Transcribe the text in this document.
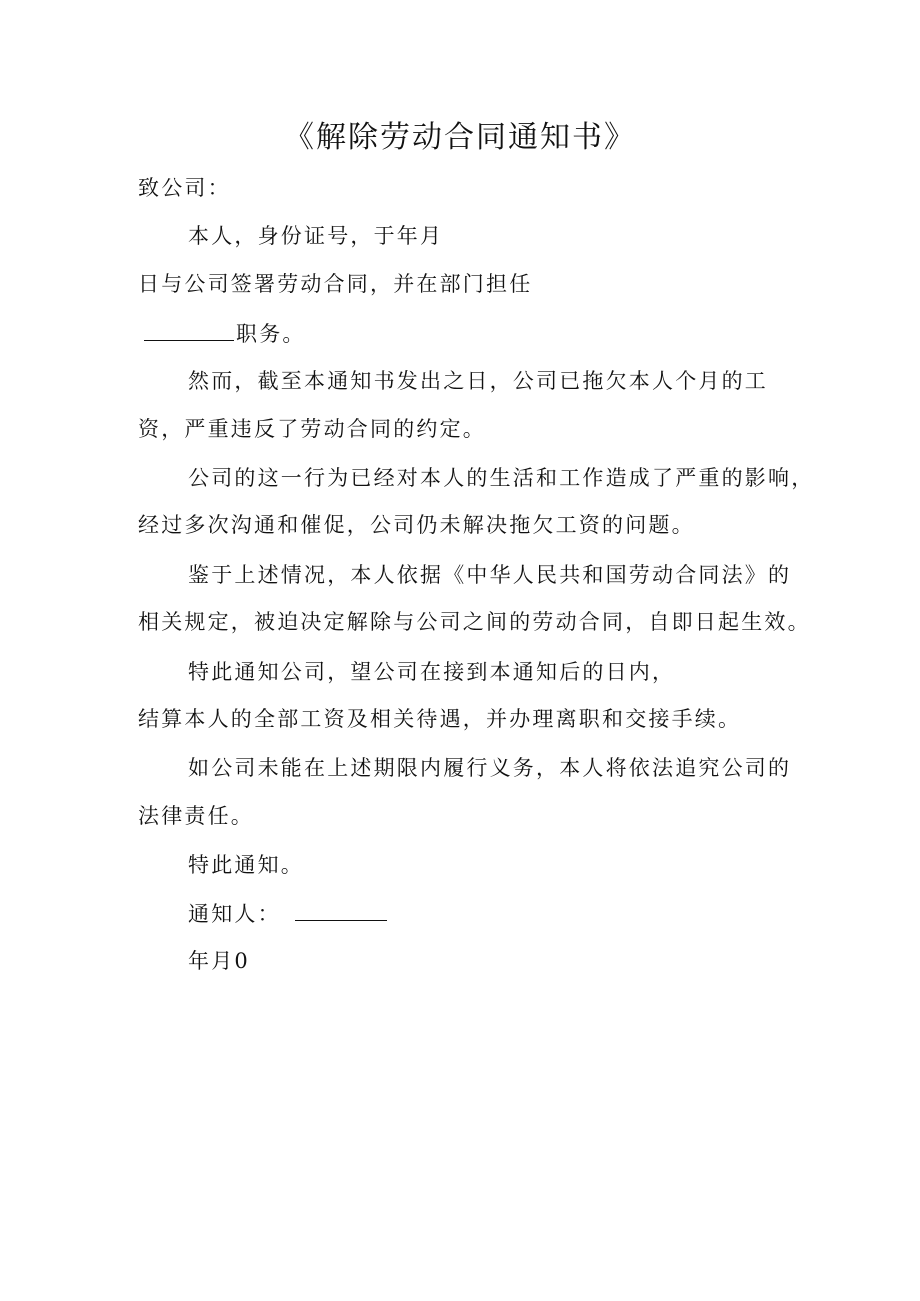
《解除劳动合同通知书》
致公司：
本人，身份证号，于年月
日与公司签署劳动合同，并在部门担任
职务。
然而，截至本通知书发出之日，公司已拖欠本人个月的工
资，严重违反了劳动合同的约定。
公司的这一行为已经对本人的生活和工作造成了严重的影响，
经过多次沟通和催促，公司仍未解决拖欠工资的问题。
鉴于上述情况，本人依据《中华人民共和国劳动合同法》的
相关规定，被迫决定解除与公司之间的劳动合同，自即日起生效。
特此通知公司，望公司在接到本通知后的日内，
结算本人的全部工资及相关待遇，并办理离职和交接手续。
如公司未能在上述期限内履行义务，本人将依法追究公司的
法律责任。
特此通知。
通知人：
年月0
